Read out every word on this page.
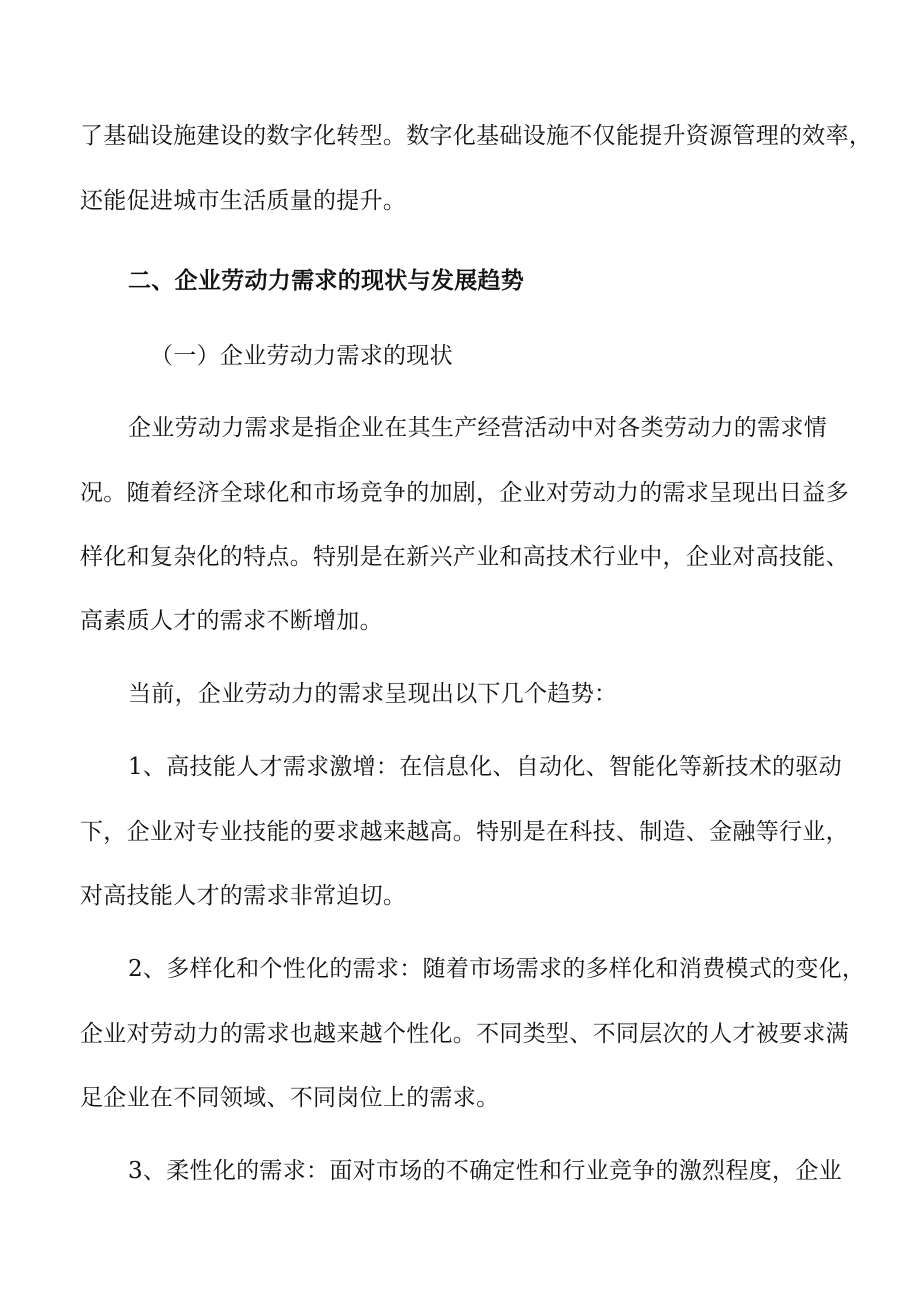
了基础设施建设的数字化转型。数字化基础设施不仅能提升资源管理的效率，
还能促进城市生活质量的提升。
二、企业劳动力需求的现状与发展趋势
（一）企业劳动力需求的现状
企业劳动力需求是指企业在其生产经营活动中对各类劳动力的需求情
况。随着经济全球化和市场竞争的加剧，企业对劳动力的需求呈现出日益多
样化和复杂化的特点。特别是在新兴产业和高技术行业中，企业对高技能、
高素质人才的需求不断增加。
当前，企业劳动力的需求呈现出以下几个趋势：
1、高技能人才需求激增：在信息化、自动化、智能化等新技术的驱动
下，企业对专业技能的要求越来越高。特别是在科技、制造、金融等行业，
对高技能人才的需求非常迫切。
2、多样化和个性化的需求：随着市场需求的多样化和消费模式的变化，
企业对劳动力的需求也越来越个性化。不同类型、不同层次的人才被要求满
足企业在不同领域、不同岗位上的需求。
3、柔性化的需求：面对市场的不确定性和行业竞争的激烈程度，企业
